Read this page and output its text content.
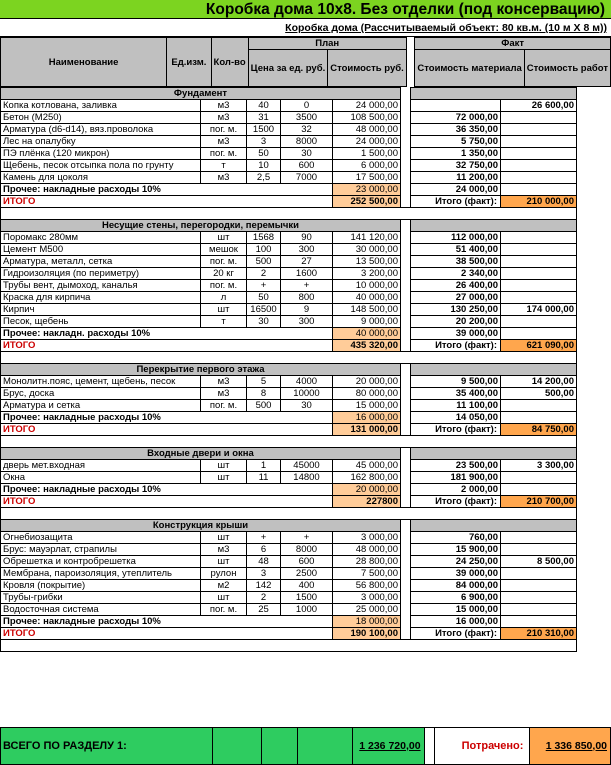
Коробка дома 10х8. Без отделки (под консервацию)
Коробка дома (Рассчитываемый объект: 80 кв.м. (10 м Х 8 м))
Наименование	Ед.изм.	Кол-во	План			Факт	
			Цена за ед. руб.	Стоимость руб.		Стоимость материала	Стоимость работ
Фундамент							
Копка котлована, заливка	м3	40	0	24 000,00			26 600,00
Бетон (М250)	м3	31	3500	108 500,00		72 000,00	
Арматура (d6-d14), вяз.проволока	пог. м.	1500	32	48 000,00		36 350,00	
Лес на опалубку	м3	3	8000	24 000,00		5 750,00	
ПЭ плёнка (120 микрон)	пог. м.	50	30	1 500,00		1 350,00	
Щебень, песок отсыпка пола по грунту	т	10	600	6 000,00		32 750,00	
Камень для цоколя	м3	2,5	7000	17 500,00		11 200,00	
Прочее: накладные расходы 10%				23 000,00		24 000,00	
ИТОГО				252 500,00		Итого (факт):	210 000,00

Несущие стены, перегородки, перемычки							
Поромакс 280мм	шт	1568	90	141 120,00		112 000,00	
Цемент М500	мешок	100	300	30 000,00		51 400,00	
Арматура, металл, сетка	пог. м.	500	27	13 500,00		38 500,00	
Гидроизоляция (по периметру)	20 кг	2	1600	3 200,00		2 340,00	
Трубы вент, дымоход, каналья	пог. м.	+	+	10 000,00		26 400,00	
Краска для кирпича	л	50	800	40 000,00		27 000,00	
Кирпич	шт	16500	9	148 500,00		130 250,00	174 000,00
Песок, щебень	т	30	300	9 000,00		20 200,00	
Прочее: накладн. расходы 10%				40 000,00		39 000,00	
ИТОГО				435 320,00		Итого (факт):	621 090,00

Перекрытие первого этажа							
Монолитн.пояс, цемент, щебень, песок	м3	5	4000	20 000,00		9 500,00	14 200,00
Брус, доска	м3	8	10000	80 000,00		35 400,00	500,00
Арматура и сетка	пог. м.	500	30	15 000,00		11 100,00	
Прочее: накладные расходы 10%				16 000,00		14 050,00	
ИТОГО				131 000,00		Итого (факт):	84 750,00

Входные двери и окна							
дверь мет.входная	шт	1	45000	45 000,00		23 500,00	3 300,00
Окна	шт	11	14800	162 800,00		181 900,00	
Прочее: накладные расходы 10%				20 000,00		2 000,00	
ИТОГО				227800		Итого (факт):	210 700,00

Конструкция крыши							
Огнебиозащита	шт	+	+	3 000,00		760,00	
Брус: мауэрлат, страпилы	м3	6	8000	48 000,00		15 900,00	
Обрешетка и контробрешетка	шт	48	600	28 800,00		24 250,00	8 500,00
Мембрана, пароизоляция, утеплитель	рулон	3	2500	7 500,00		39 000,00	
Кровля (покрытие)	м2	142	400	56 800,00		84 000,00	
Трубы-грибки	шт	2	1500	3 000,00		6 900,00	
Водосточная система	пог. м.	25	1000	25 000,00		15 000,00	
Прочее: накладные расходы 10%				18 000,00		16 000,00	
ИТОГО				190 100,00		Итого (факт):	210 310,00

ВСЕГО ПО РАЗДЕЛУ 1:				1 236 720,00		Потрачено:	1 336 850,00
